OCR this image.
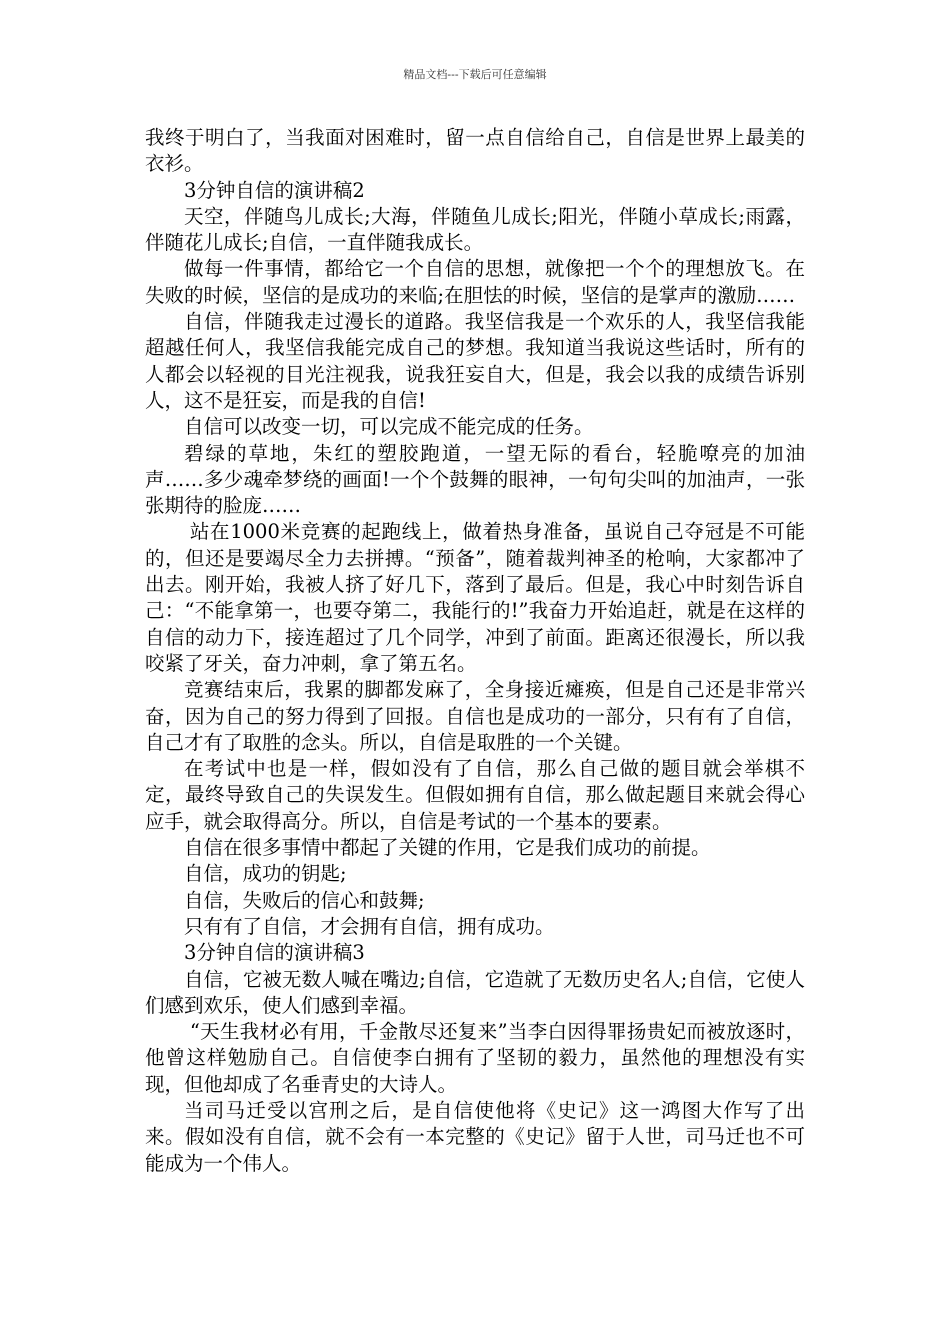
精品文档---下载后可任意编辑

我终于明白了，当我面对困难时，留一点自信给自己，自信是世界上最美的衣衫。

3分钟自信的演讲稿2

天空，伴随鸟儿成长;大海，伴随鱼儿成长;阳光，伴随小草成长;雨露，伴随花儿成长;自信，一直伴随我成长。

做每一件事情，都给它一个自信的思想，就像把一个个的理想放飞。在失败的时候，坚信的是成功的来临;在胆怯的时候，坚信的是掌声的激励……

自信，伴随我走过漫长的道路。我坚信我是一个欢乐的人，我坚信我能超越任何人，我坚信我能完成自己的梦想。我知道当我说这些话时，所有的人都会以轻视的目光注视我，说我狂妄自大，但是，我会以我的成绩告诉别人，这不是狂妄，而是我的自信!

自信可以改变一切，可以完成不能完成的任务。

碧绿的草地，朱红的塑胶跑道，一望无际的看台，轻脆嘹亮的加油声……多少魂牵梦绕的画面!一个个鼓舞的眼神，一句句尖叫的加油声，一张张期待的脸庞……

站在1000米竞赛的起跑线上，做着热身准备，虽说自己夺冠是不可能的，但还是要竭尽全力去拼搏。“预备”，随着裁判神圣的枪响，大家都冲了出去。刚开始，我被人挤了好几下，落到了最后。但是，我心中时刻告诉自己：“不能拿第一，也要夺第二，我能行的!”我奋力开始追赶，就是在这样的自信的动力下，接连超过了几个同学，冲到了前面。距离还很漫长，所以我咬紧了牙关，奋力冲刺，拿了第五名。

竞赛结束后，我累的脚都发麻了，全身接近瘫痪，但是自己还是非常兴奋，因为自己的努力得到了回报。自信也是成功的一部分，只有有了自信，自己才有了取胜的念头。所以，自信是取胜的一个关键。

在考试中也是一样，假如没有了自信，那么自己做的题目就会举棋不定，最终导致自己的失误发生。但假如拥有自信，那么做起题目来就会得心应手，就会取得高分。所以，自信是考试的一个基本的要素。

自信在很多事情中都起了关键的作用，它是我们成功的前提。

自信，成功的钥匙;

自信，失败后的信心和鼓舞;

只有有了自信，才会拥有自信，拥有成功。

3分钟自信的演讲稿3

自信，它被无数人喊在嘴边;自信，它造就了无数历史名人;自信，它使人们感到欢乐，使人们感到幸福。

“天生我材必有用，千金散尽还复来”当李白因得罪扬贵妃而被放逐时，他曾这样勉励自己。自信使李白拥有了坚韧的毅力，虽然他的理想没有实现，但他却成了名垂青史的大诗人。

当司马迁受以宫刑之后，是自信使他将《史记》这一鸿图大作写了出来。假如没有自信，就不会有一本完整的《史记》留于人世，司马迁也不可能成为一个伟人。
